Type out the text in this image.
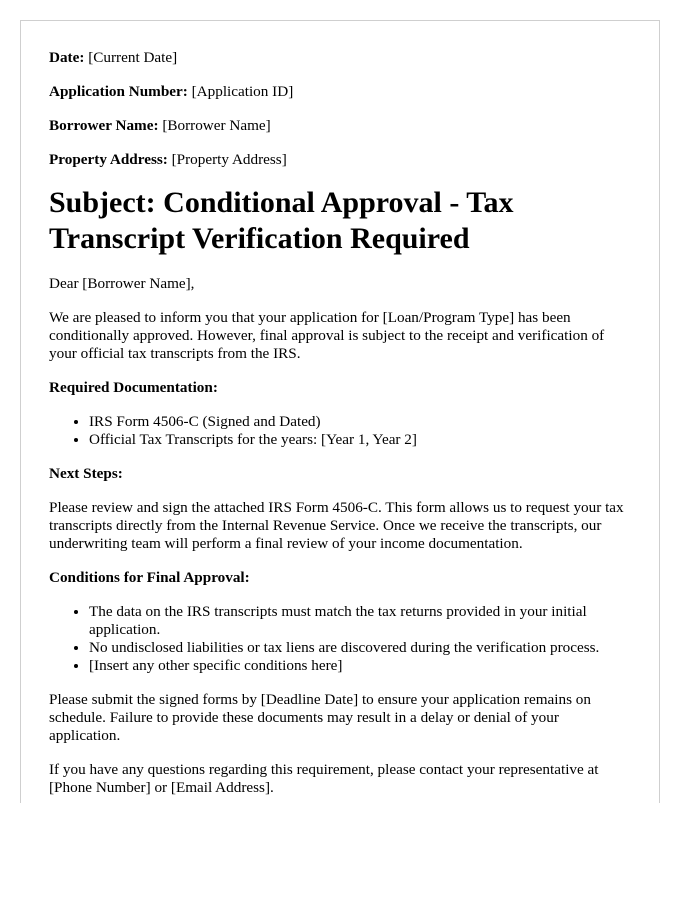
Date: [Current Date]

Application Number: [Application ID]

Borrower Name: [Borrower Name]

Property Address: [Property Address]

Subject: Conditional Approval - Tax Transcript Verification Required

Dear [Borrower Name],

We are pleased to inform you that your application for [Loan/Program Type] has been conditionally approved. However, final approval is subject to the receipt and verification of your official tax transcripts from the IRS.

Required Documentation:

• IRS Form 4506-C (Signed and Dated)
• Official Tax Transcripts for the years: [Year 1, Year 2]

Next Steps:

Please review and sign the attached IRS Form 4506-C. This form allows us to request your tax transcripts directly from the Internal Revenue Service. Once we receive the transcripts, our underwriting team will perform a final review of your income documentation.

Conditions for Final Approval:

• The data on the IRS transcripts must match the tax returns provided in your initial application.
• No undisclosed liabilities or tax liens are discovered during the verification process.
• [Insert any other specific conditions here]

Please submit the signed forms by [Deadline Date] to ensure your application remains on schedule. Failure to provide these documents may result in a delay or denial of your application.

If you have any questions regarding this requirement, please contact your representative at [Phone Number] or [Email Address].
